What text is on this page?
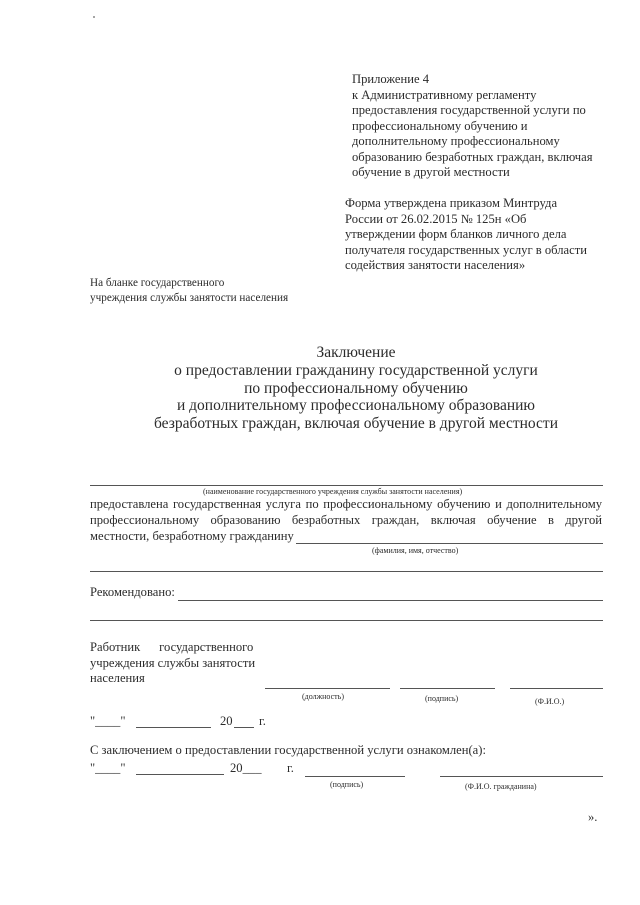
Приложение 4
к Административному регламенту
предоставления государственной услуги по
профессиональному обучению и
дополнительному профессиональному
образованию безработных граждан, включая
обучение в другой местности
Форма утверждена приказом Минтруда
России от 26.02.2015 № 125н «Об
утверждении форм бланков личного дела
получателя государственных услуг в области
содействия занятости населения»
На бланке государственного
учреждения службы занятости населения
Заключение
о предоставлении гражданину государственной услуги
по профессиональному обучению
и дополнительному профессиональному образованию
безработных граждан, включая обучение в другой местности
(наименование государственного учреждения службы занятости населения)
предоставлена государственная услуга по профессиональному обучению и дополнительному профессиональному образованию безработных граждан, включая обучение в другой местности, безработному гражданину
(фамилия, имя, отчество)
Рекомендовано:
Работник      государственного
учреждения службы занятости
населения
(должность)	(подпись)	(Ф.И.О.)
"____"	20 г.
С заключением о предоставлении государственной услуги ознакомлен(а):
"____"	20___ г.
(подпись)	(Ф.И.О. гражданина)
».
